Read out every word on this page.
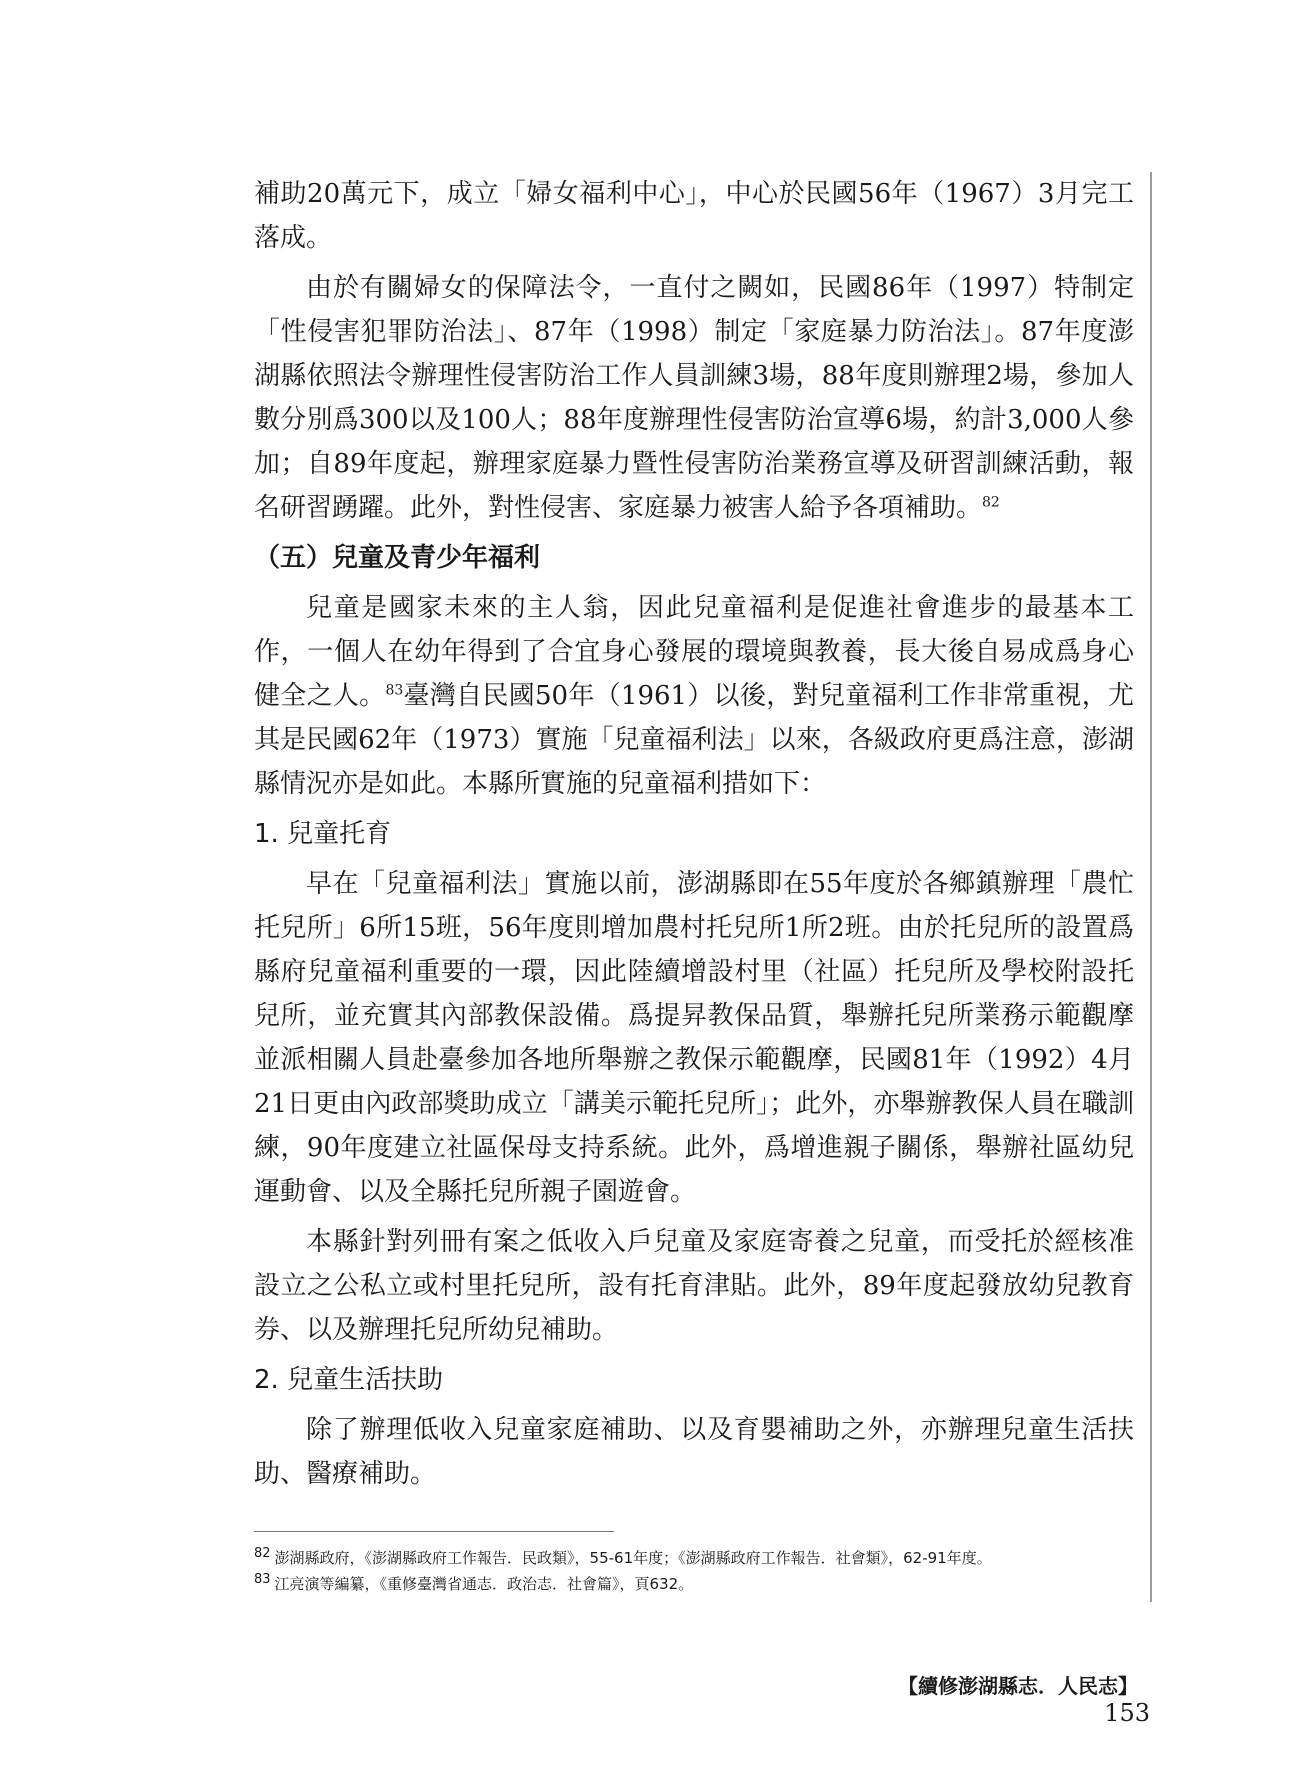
補助20萬元下，成立「婦女福利中心」，中心於民國56年（1967）3月完工落成。

由於有關婦女的保障法令，一直付之闕如，民國86年（1997）特制定「性侵害犯罪防治法」、87年（1998）制定「家庭暴力防治法」。87年度澎湖縣依照法令辦理性侵害防治工作人員訓練3場，88年度則辦理2場，參加人數分別爲300以及100人；88年度辦理性侵害防治宣導6場，約計3,000人參加；自89年度起，辦理家庭暴力暨性侵害防治業務宣導及研習訓練活動，報名研習踴躍。此外，對性侵害、家庭暴力被害人給予各項補助。$^{82}$

（五）兒童及青少年福利

兒童是國家未來的主人翁，因此兒童福利是促進社會進步的最基本工作，一個人在幼年得到了合宜身心發展的環境與教養，長大後自易成爲身心健全之人。$^{83}$臺灣自民國50年（1961）以後，對兒童福利工作非常重視，尤其是民國62年（1973）實施「兒童福利法」以來，各級政府更爲注意，澎湖縣情況亦是如此。本縣所實施的兒童福利措如下：

1. 兒童托育

早在「兒童福利法」實施以前，澎湖縣即在55年度於各鄉鎮辦理「農忙托兒所」6所15班，56年度則增加農村托兒所1所2班。由於托兒所的設置爲縣府兒童福利重要的一環，因此陸續增設村里（社區）托兒所及學校附設托兒所，並充實其內部教保設備。爲提昇教保品質，舉辦托兒所業務示範觀摩並派相關人員赴臺參加各地所舉辦之教保示範觀摩，民國81年（1992）4月21日更由內政部獎助成立「講美示範托兒所」；此外，亦舉辦教保人員在職訓練，90年度建立社區保母支持系統。此外，爲增進親子關係，舉辦社區幼兒運動會、以及全縣托兒所親子園遊會。

本縣針對列冊有案之低收入戶兒童及家庭寄養之兒童，而受托於經核准設立之公私立或村里托兒所，設有托育津貼。此外，89年度起發放幼兒教育券、以及辦理托兒所幼兒補助。

2. 兒童生活扶助

除了辦理低收入兒童家庭補助、以及育嬰補助之外，亦辦理兒童生活扶助、醫療補助。

82 澎湖縣政府，《澎湖縣政府工作報告．民政類》，55-61年度；《澎湖縣政府工作報告．社會類》，62-91年度。

83 江亮演等編纂，《重修臺灣省通志．政治志．社會篇》，頁632。

【續修澎湖縣志．人民志】153
